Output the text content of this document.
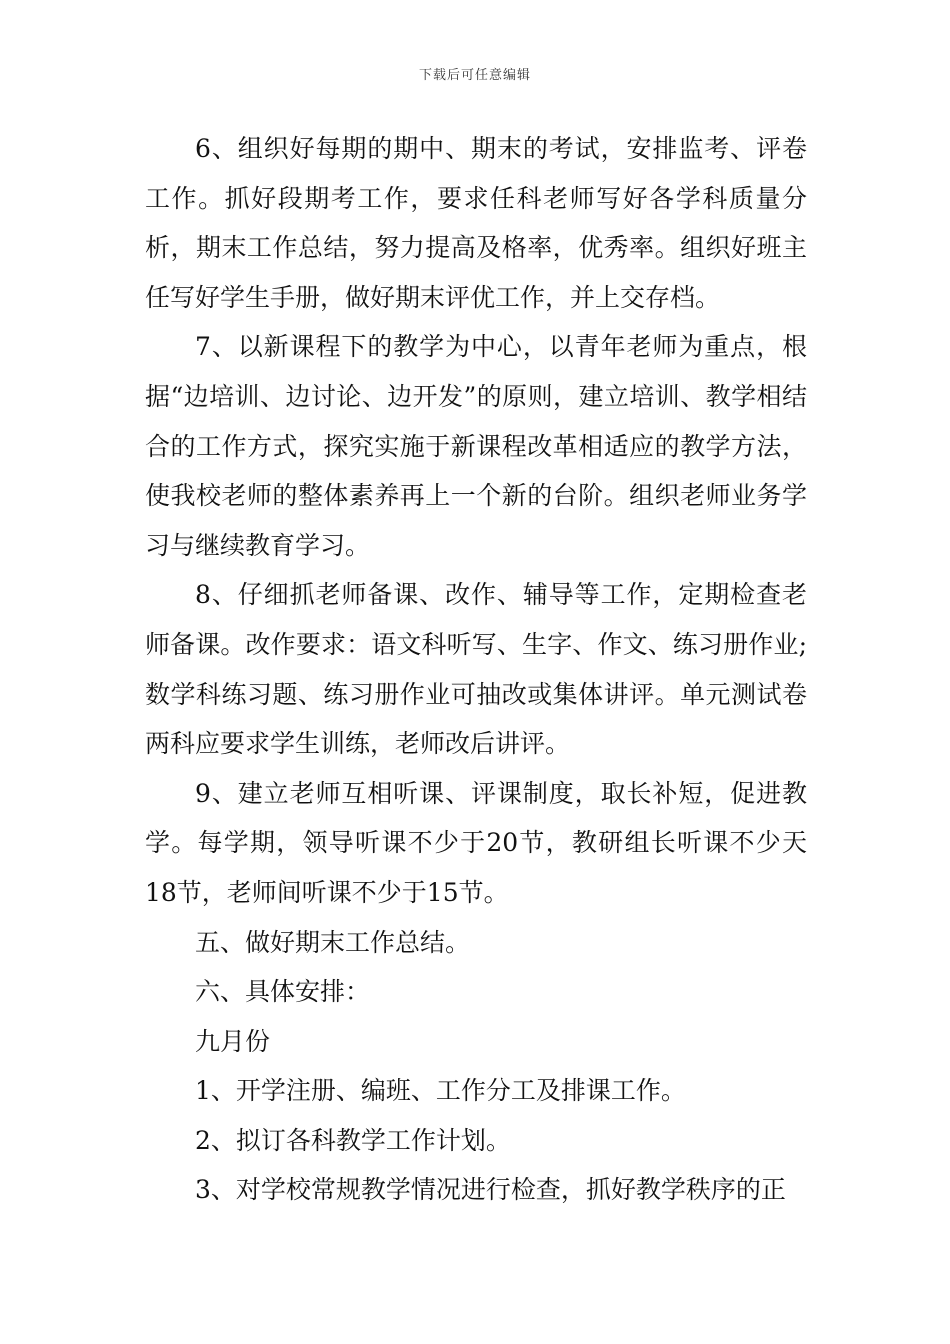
下载后可任意编辑

6、组织好每期的期中、期末的考试，安排监考、评卷工作。抓好段期考工作，要求任科老师写好各学科质量分析，期末工作总结，努力提高及格率，优秀率。组织好班主任写好学生手册，做好期末评优工作，并上交存档。

7、以新课程下的教学为中心，以青年老师为重点，根据“边培训、边讨论、边开发”的原则，建立培训、教学相结合的工作方式，探究实施于新课程改革相适应的教学方法，使我校老师的整体素养再上一个新的台阶。组织老师业务学习与继续教育学习。

8、仔细抓老师备课、改作、辅导等工作，定期检查老师备课。改作要求：语文科听写、生字、作文、练习册作业;数学科练习题、练习册作业可抽改或集体讲评。单元测试卷两科应要求学生训练，老师改后讲评。

9、建立老师互相听课、评课制度，取长补短，促进教学。每学期，领导听课不少于20节，教研组长听课不少天18节，老师间听课不少于15节。

五、做好期末工作总结。

六、具体安排：

九月份

1、开学注册、编班、工作分工及排课工作。

2、拟订各科教学工作计划。

3、对学校常规教学情况进行检查，抓好教学秩序的正
